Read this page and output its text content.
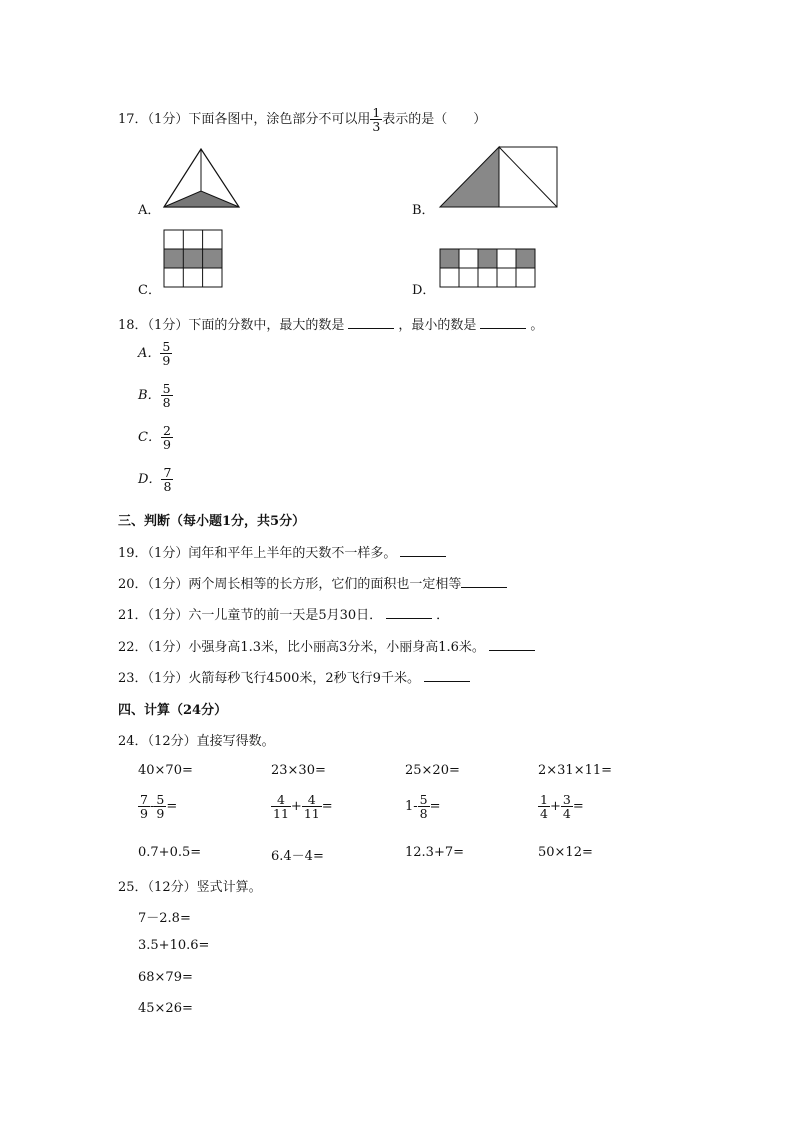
17．（1分）下面各图中，涂色部分不可以用 $\frac{1}{3}$ 表示的是（　　）
A．	B．
C．	D．
18．（1分）下面的分数中，最大的数是	，最小的数是	。
A． $\frac{5}{9}$
B． $\frac{5}{8}$
C． $\frac{2}{9}$
D． $\frac{7}{8}$
三、判断（每小题1分，共5分）
19．（1分）闰年和平年上半年的天数不一样多。
20．（1分）两个周长相等的长方形，它们的面积也一定相等
21．（1分）六一儿童节的前一天是5月30日．	．
22．（1分）小强身高1.3米，比小丽高3分米，小丽身高1.6米。
23．（1分）火箭每秒飞行4500米，2秒飞行9千米。
四、计算（24分）
24．（12分）直接写得数。
40×70=	23×30=	25×20=	2×31×11=
$\frac{7}{9} - \frac{5}{9}$ =	$\frac{4}{11} + \frac{4}{11}$ =	$1- \frac{5}{8}$ =	$\frac{1}{4} + \frac{3}{4}$ =
0.7+0.5=	6.4－4=	12.3+7=	50×12=
25．（12分）竖式计算。
7－2.8=
3.5+10.6=
68×79=
45×26=
